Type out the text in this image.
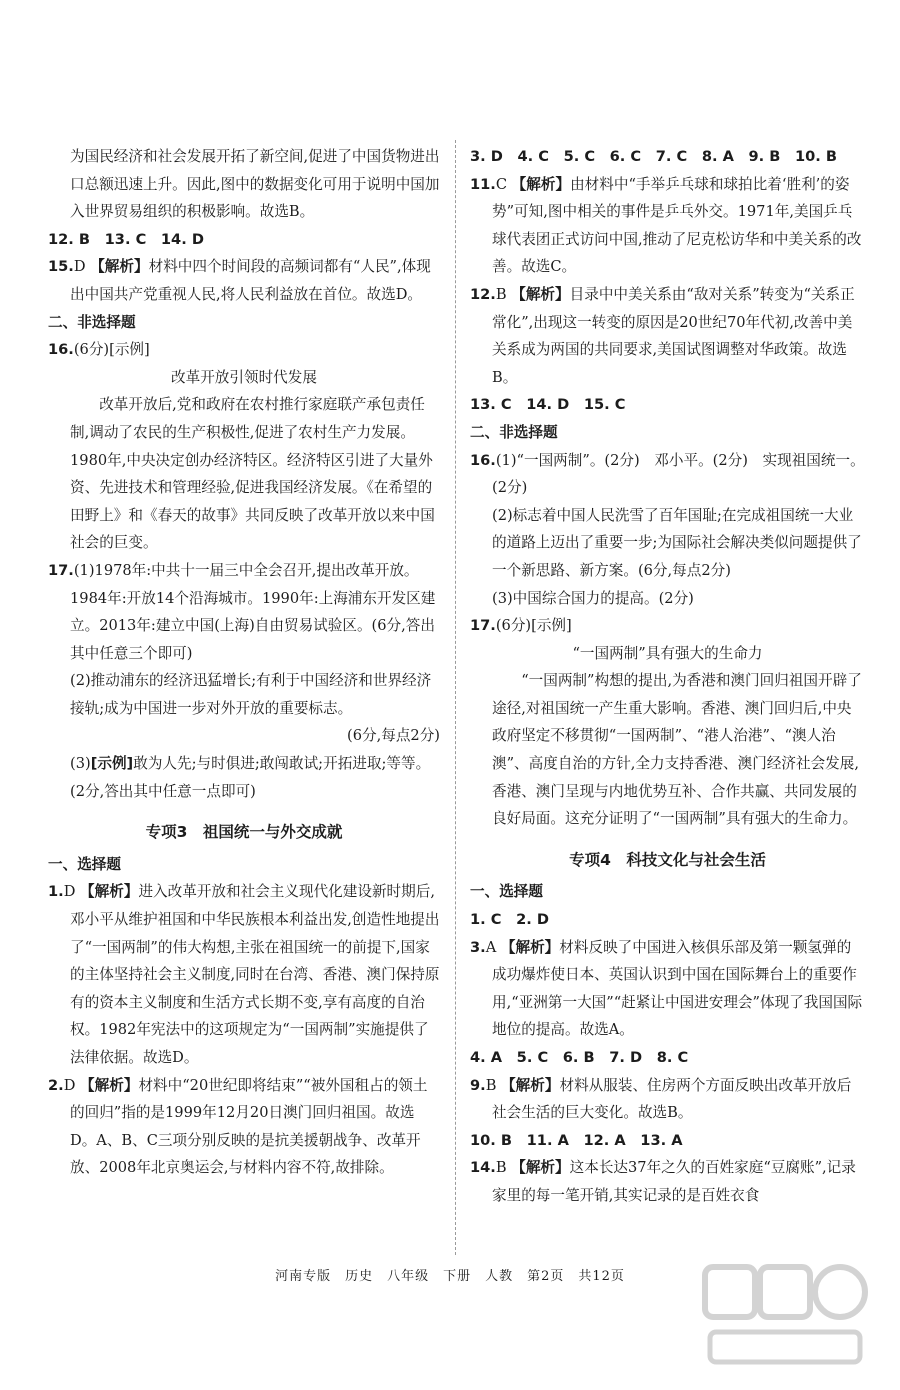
为国民经济和社会发展开拓了新空间,促进了中国货物进出口总额迅速上升。因此,图中的数据变化可用于说明中国加入世界贸易组织的积极影响。故选B。

12. B　13. C　14. D

15.D 【解析】材料中四个时间段的高频词都有“人民”,体现出中国共产党重视人民,将人民利益放在首位。故选D。

二、非选择题

16.(6分)[示例]

改革开放引领时代发展

改革开放后,党和政府在农村推行家庭联产承包责任制,调动了农民的生产积极性,促进了农村生产力发展。1980年,中央决定创办经济特区。经济特区引进了大量外资、先进技术和管理经验,促进我国经济发展。《在希望的田野上》和《春天的故事》共同反映了改革开放以来中国社会的巨变。

17.(1)1978年:中共十一届三中全会召开,提出改革开放。1984年:开放14个沿海城市。1990年:上海浦东开发区建立。2013年:建立中国(上海)自由贸易试验区。(6分,答出其中任意三个即可)

(2)推动浦东的经济迅猛增长;有利于中国经济和世界经济接轨;成为中国进一步对外开放的重要标志。

(6分,每点2分)

(3)[示例]敢为人先;与时俱进;敢闯敢试;开拓进取;等等。(2分,答出其中任意一点即可)

专项3　祖国统一与外交成就

一、选择题

1.D 【解析】进入改革开放和社会主义现代化建设新时期后,邓小平从维护祖国和中华民族根本利益出发,创造性地提出了“一国两制”的伟大构想,主张在祖国统一的前提下,国家的主体坚持社会主义制度,同时在台湾、香港、澳门保持原有的资本主义制度和生活方式长期不变,享有高度的自治权。1982年宪法中的这项规定为“一国两制”实施提供了法律依据。故选D。

2.D 【解析】材料中“20世纪即将结束”“被外国租占的领土的回归”指的是1999年12月20日澳门回归祖国。故选D。A、B、C三项分别反映的是抗美援朝战争、改革开放、2008年北京奥运会,与材料内容不符,故排除。

3. D　4. C　5. C　6. C　7. C　8. A　9. B　10. B

11.C 【解析】由材料中“手举乒乓球和球拍比着‘胜利’的姿势”可知,图中相关的事件是乒乓外交。1971年,美国乒乓球代表团正式访问中国,推动了尼克松访华和中美关系的改善。故选C。

12.B 【解析】目录中中美关系由“敌对关系”转变为“关系正常化”,出现这一转变的原因是20世纪70年代初,改善中美关系成为两国的共同要求,美国试图调整对华政策。故选B。

13. C　14. D　15. C

二、非选择题

16.(1)“一国两制”。(2分)　邓小平。(2分)　实现祖国统一。(2分)

(2)标志着中国人民洗雪了百年国耻;在完成祖国统一大业的道路上迈出了重要一步;为国际社会解决类似问题提供了一个新思路、新方案。(6分,每点2分)

(3)中国综合国力的提高。(2分)

17.(6分)[示例]

“一国两制”具有强大的生命力

“一国两制”构想的提出,为香港和澳门回归祖国开辟了途径,对祖国统一产生重大影响。香港、澳门回归后,中央政府坚定不移贯彻“一国两制”、“港人治港”、“澳人治澳”、高度自治的方针,全力支持香港、澳门经济社会发展,香港、澳门呈现与内地优势互补、合作共赢、共同发展的良好局面。这充分证明了“一国两制”具有强大的生命力。

专项4　科技文化与社会生活

一、选择题

1. C　2. D

3.A 【解析】材料反映了中国进入核俱乐部及第一颗氢弹的成功爆炸使日本、英国认识到中国在国际舞台上的重要作用,“亚洲第一大国”“赶紧让中国进安理会”体现了我国国际地位的提高。故选A。

4. A　5. C　6. B　7. D　8. C

9.B 【解析】材料从服装、住房两个方面反映出改革开放后社会生活的巨大变化。故选B。

10. B　11. A　12. A　13. A

14.B 【解析】这本长达37年之久的百姓家庭“豆腐账”,记录家里的每一笔开销,其实记录的是百姓衣食

河南专版　历史　八年级　下册　人教　第2页　共12页
